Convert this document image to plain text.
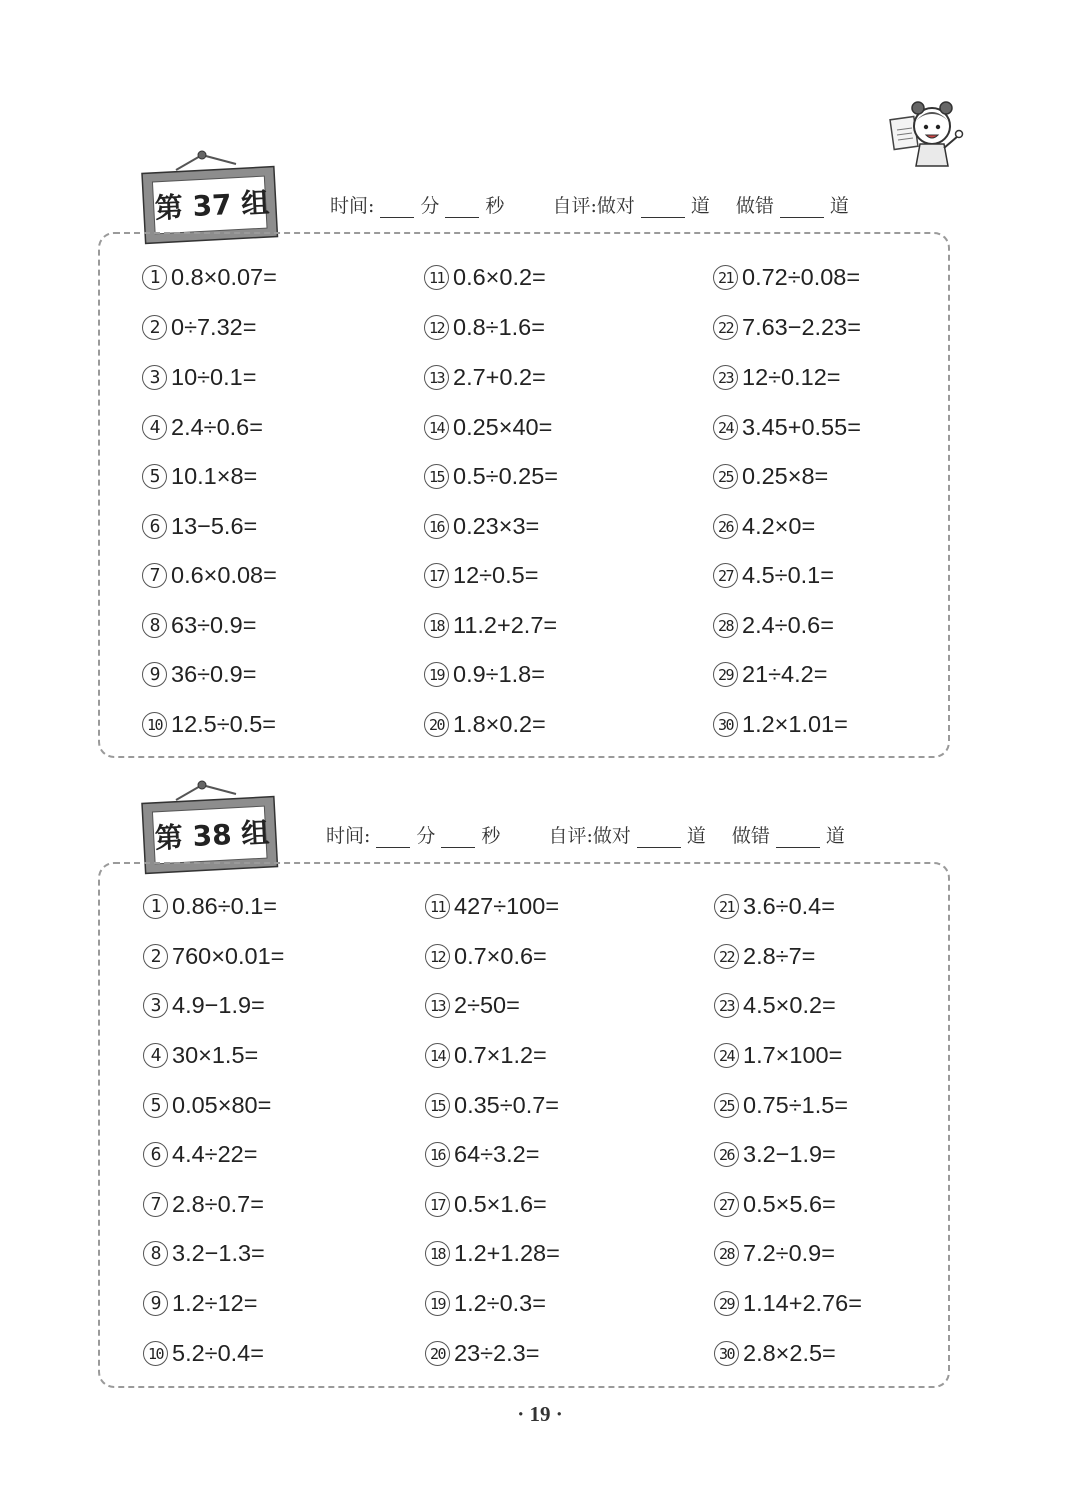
第 37 组	时间: 分 秒	自评:做对	道 做错	道
1 0.8×0.07=
2 0÷7.32=
3 10÷0.1=
4 2.4÷0.6=
5 10.1×8=
6 13−5.6=
7 0.6×0.08=
8 63÷0.9=
9 36÷0.9=
10 12.5÷0.5=
11 0.6×0.2=
12 0.8÷1.6=
13 2.7+0.2=
14 0.25×40=
15 0.5÷0.25=
16 0.23×3=
17 12÷0.5=
18 11.2+2.7=
19 0.9÷1.8=
20 1.8×0.2=
21 0.72÷0.08=
22 7.63−2.23=
23 12÷0.12=
24 3.45+0.55=
25 0.25×8=
26 4.2×0=
27 4.5÷0.1=
28 2.4÷0.6=
29 21÷4.2=
30 1.2×1.01=
第 38 组	时间: 分 秒	自评:做对	道 做错	道
1 0.86÷0.1=
2 760×0.01=
3 4.9−1.9=
4 30×1.5=
5 0.05×80=
6 4.4÷22=
7 2.8÷0.7=
8 3.2−1.3=
9 1.2÷12=
10 5.2÷0.4=
11 427÷100=
12 0.7×0.6=
13 2÷50=
14 0.7×1.2=
15 0.35÷0.7=
16 64÷3.2=
17 0.5×1.6=
18 1.2+1.28=
19 1.2÷0.3=
20 23÷2.3=
21 3.6÷0.4=
22 2.8÷7=
23 4.5×0.2=
24 1.7×100=
25 0.75÷1.5=
26 3.2−1.9=
27 0.5×5.6=
28 7.2÷0.9=
29 1.14+2.76=
30 2.8×2.5=
· 19 ·
